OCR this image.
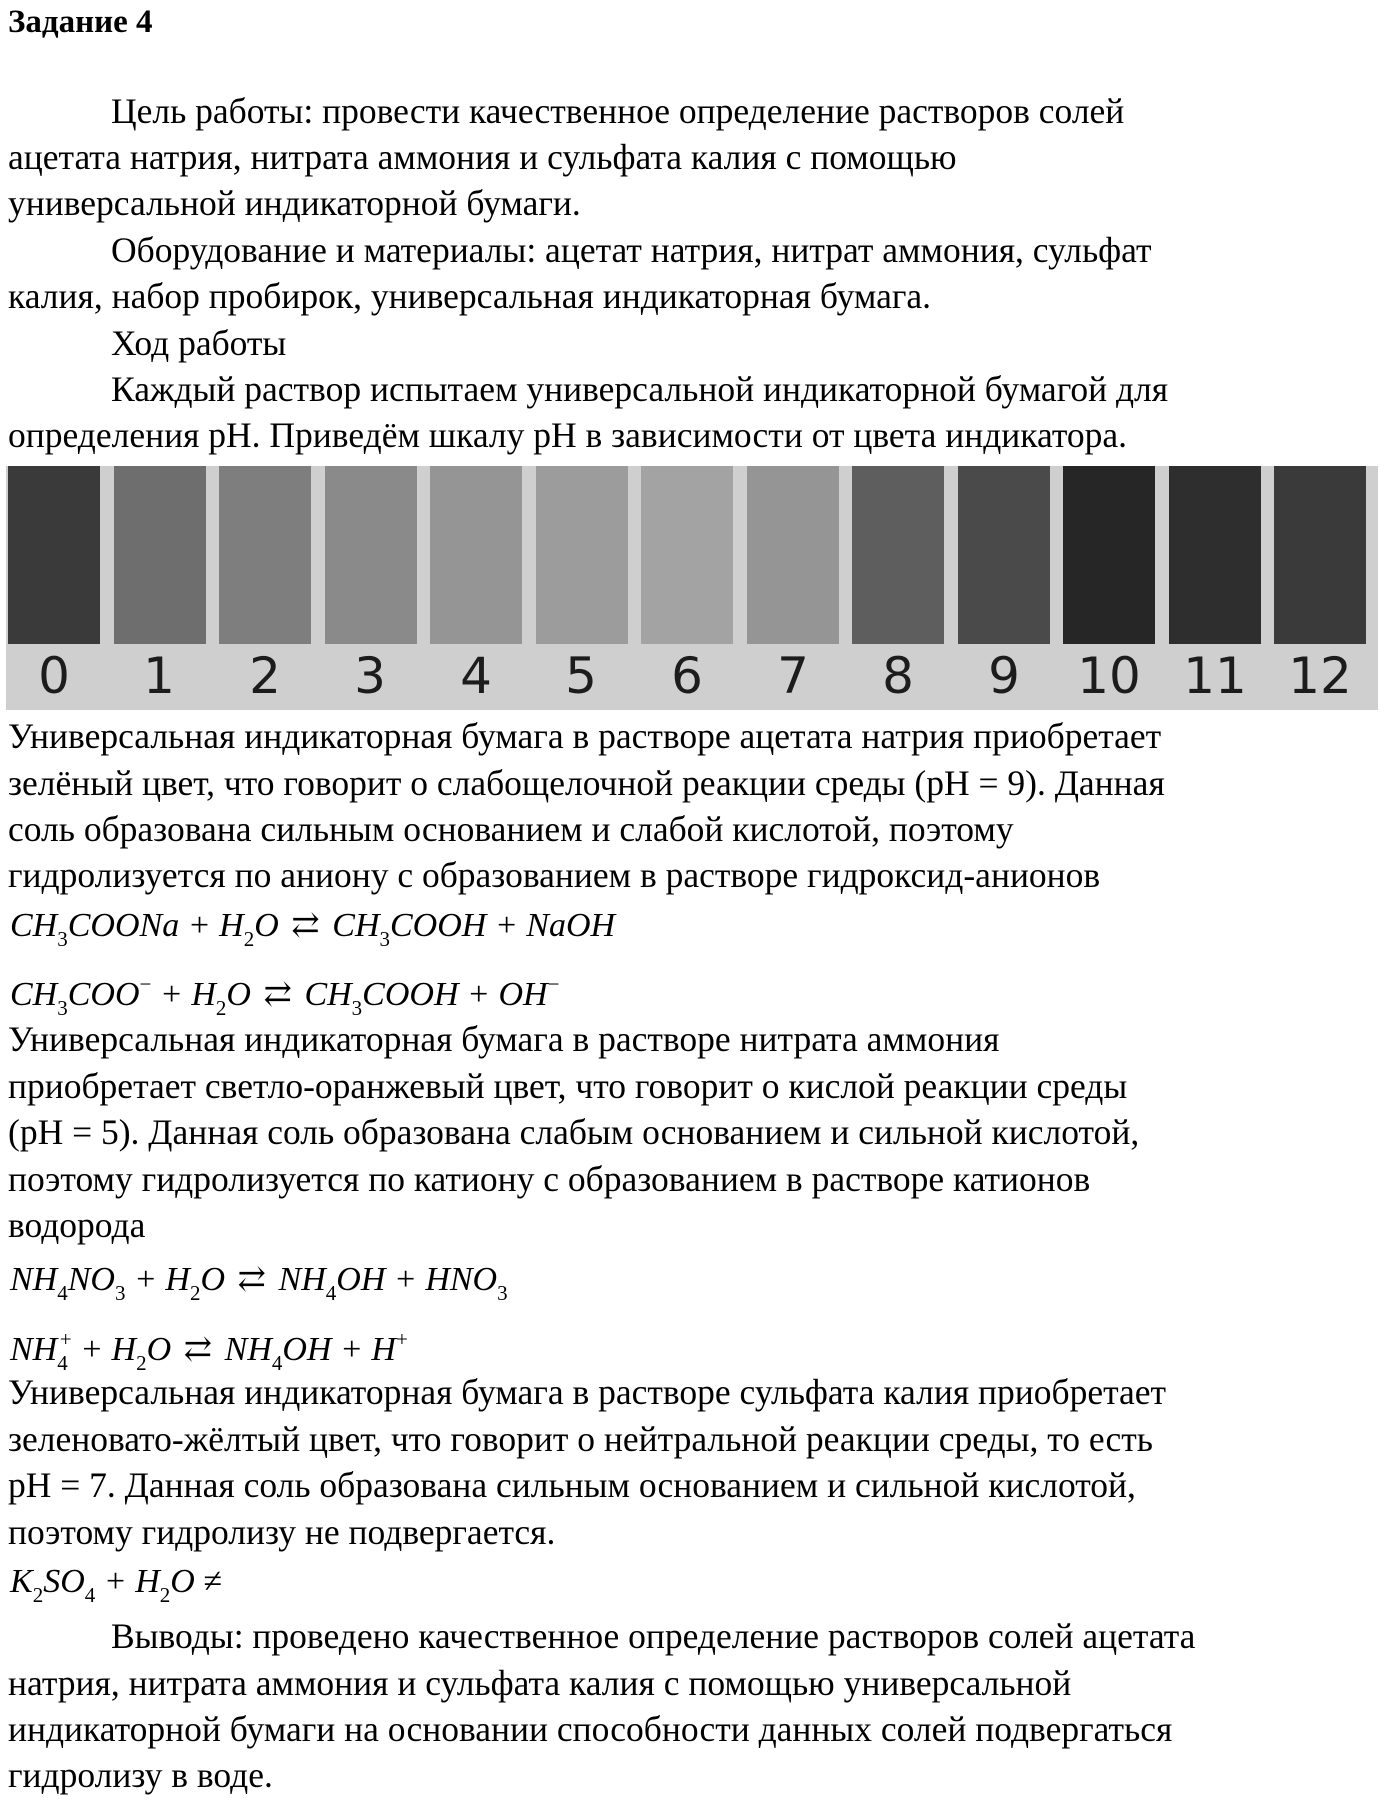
Задание 4
Цель работы: провести качественное определение растворов солей
ацетата натрия, нитрата аммония и сульфата калия с помощью
универсальной индикаторной бумаги.
Оборудование и материалы: ацетат натрия, нитрат аммония, сульфат
калия, набор пробирок, универсальная индикаторная бумага.
Ход работы
Каждый раствор испытаем универсальной индикаторной бумагой для
определения рН. Приведём шкалу рН в зависимости от цвета индикатора.
0	1	2	3	4	5	6	7	8	9	10 11 12
Универсальная индикаторная бумага в растворе ацетата натрия приобретает
зелёный цвет, что говорит о слабощелочной реакции среды (рН = 9). Данная
соль образована сильным основанием и слабой кислотой, поэтому
гидролизуется по аниону с образованием в растворе гидроксид-анионов
$CH_3COONa + H_2O$ ⇄ $CH_3COOH$ + NaOH
$CH_3COO^- + H_2O$ ⇄ $CH_3COOH + OH^-$
Универсальная индикаторная бумага в растворе нитрата аммония
приобретает светло-оранжевый цвет, что говорит о кислой реакции среды
(рН = 5). Данная соль образована слабым основанием и сильной кислотой,
поэтому гидролизуется по катиону с образованием в растворе катионов
водорода
$NH_4NO_3 + H_2O$ ⇄ $NH_4OH + HNO_3$
$NH_4^+ + H_2O$ ⇄ $NH_4OH + H^+$
Универсальная индикаторная бумага в растворе сульфата калия приобретает
зеленовато-жёлтый цвет, что говорит о нейтральной реакции среды, то есть
рН = 7. Данная соль образована сильным основанием и сильной кислотой,
поэтому гидролизу не подвергается.
$K_2SO_4 + H_2O$ ≠
Выводы: проведено качественное определение растворов солей ацетата
натрия, нитрата аммония и сульфата калия с помощью универсальной
индикаторной бумаги на основании способности данных солей подвергаться
гидролизу в воде.
